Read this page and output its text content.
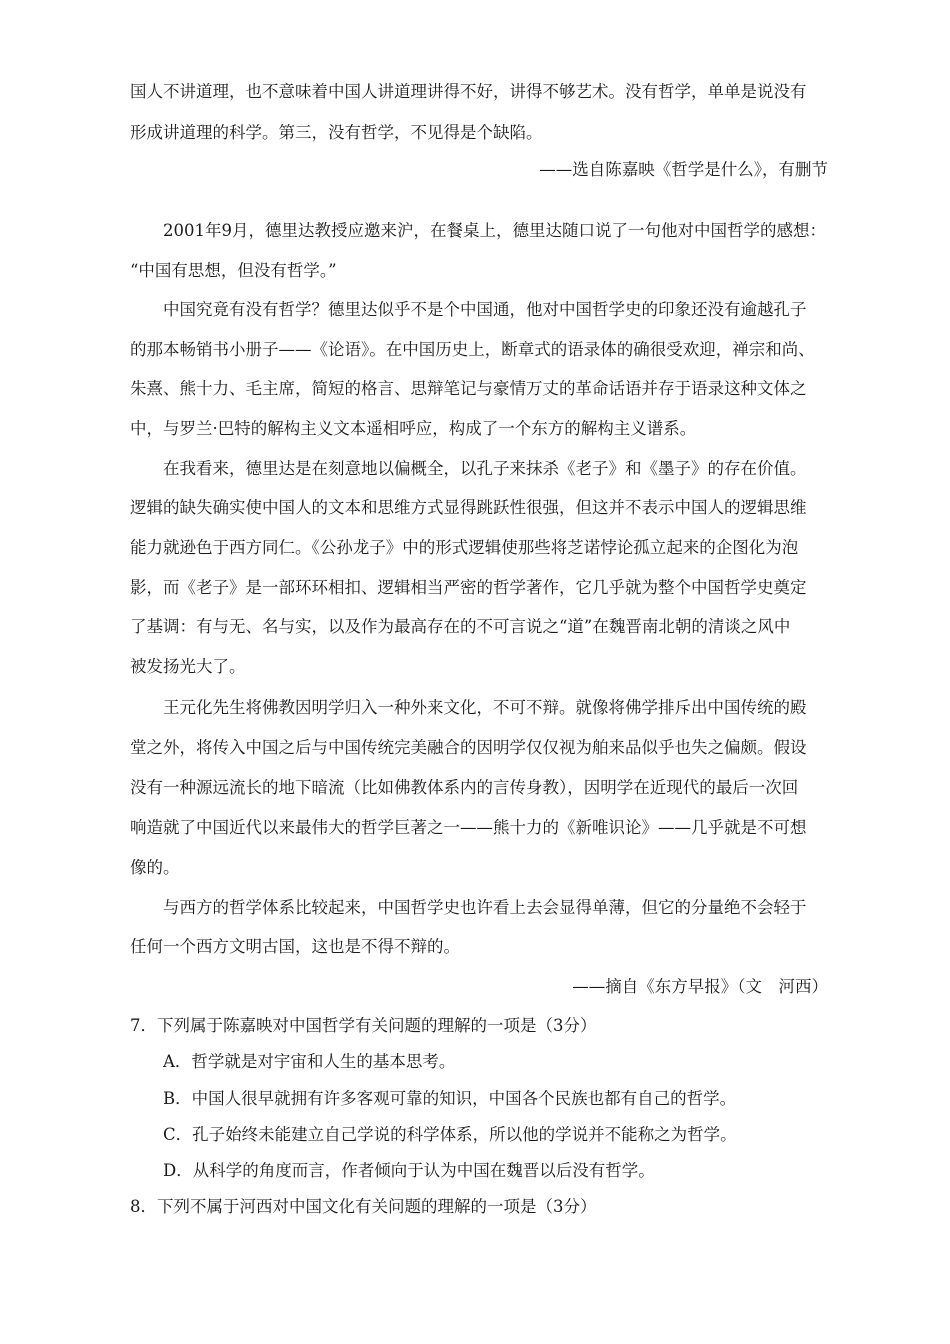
国人不讲道理，也不意味着中国人讲道理讲得不好，讲得不够艺术。没有哲学，单单是说没有
形成讲道理的科学。第三，没有哲学，不见得是个缺陷。
——选自陈嘉映《哲学是什么》，有删节
2001年9月，德里达教授应邀来沪，在餐桌上，德里达随口说了一句他对中国哲学的感想：
“中国有思想，但没有哲学。”
中国究竟有没有哲学？德里达似乎不是个中国通，他对中国哲学史的印象还没有逾越孔子
的那本畅销书小册子——《论语》。在中国历史上，断章式的语录体的确很受欢迎，禅宗和尚、
朱熹、熊十力、毛主席，简短的格言、思辩笔记与豪情万丈的革命话语并存于语录这种文体之
中，与罗兰·巴特的解构主义文本遥相呼应，构成了一个东方的解构主义谱系。
在我看来，德里达是在刻意地以偏概全，以孔子来抹杀《老子》和《墨子》的存在价值。
逻辑的缺失确实使中国人的文本和思维方式显得跳跃性很强，但这并不表示中国人的逻辑思维
能力就逊色于西方同仁。《公孙龙子》中的形式逻辑使那些将芝诺悖论孤立起来的企图化为泡
影，而《老子》是一部环环相扣、逻辑相当严密的哲学著作，它几乎就为整个中国哲学史奠定
了基调：有与无、名与实，以及作为最高存在的不可言说之“道”在魏晋南北朝的清谈之风中
被发扬光大了。
王元化先生将佛教因明学归入一种外来文化，不可不辩。就像将佛学排斥出中国传统的殿
堂之外，将传入中国之后与中国传统完美融合的因明学仅仅视为舶来品似乎也失之偏颇。假设
没有一种源远流长的地下暗流（比如佛教体系内的言传身教），因明学在近现代的最后一次回
响造就了中国近代以来最伟大的哲学巨著之一——熊十力的《新唯识论》——几乎就是不可想
像的。
与西方的哲学体系比较起来，中国哲学史也许看上去会显得单薄，但它的分量绝不会轻于
任何一个西方文明古国，这也是不得不辩的。
——摘自《东方早报》（文　河西）
7．下列属于陈嘉映对中国哲学有关问题的理解的一项是（3分）
A．哲学就是对宇宙和人生的基本思考。
B．中国人很早就拥有许多客观可靠的知识，中国各个民族也都有自己的哲学。
C．孔子始终未能建立自己学说的科学体系，所以他的学说并不能称之为哲学。
D．从科学的角度而言，作者倾向于认为中国在魏晋以后没有哲学。
8．下列不属于河西对中国文化有关问题的理解的一项是（3分）
